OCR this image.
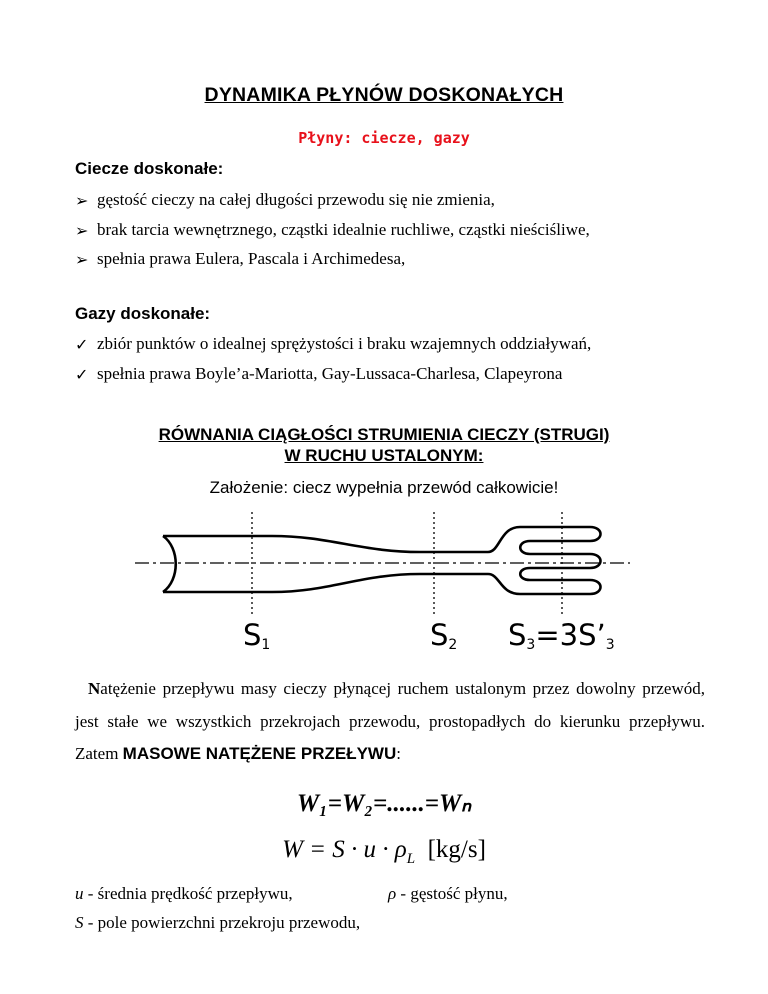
DYNAMIKA PŁYNÓW DOSKONAŁYCH
Płyny: ciecze, gazy
Ciecze doskonałe:
➢ gęstość cieczy na całej długości przewodu się nie zmienia,
➢ brak tarcia wewnętrznego, cząstki idealnie ruchliwe, cząstki nieściśliwe,
➢ spełnia prawa Eulera, Pascala i Archimedesa,
Gazy doskonałe:
✓ zbiór punktów o idealnej sprężystości i braku wzajemnych oddziaływań,
✓ spełnia prawa Boyle’a-Mariotta, Gay-Lussaca-Charlesa, Clapeyrona
RÓWNANIA CIĄGŁOŚCI STRUMIENIA CIECZY (STRUGI)
W RUCHU USTALONYM:
Założenie: ciecz wypełnia przewód całkowicie!
$S_1$	$S_2$ $S_3=3S’_3$
Natężenie przepływu masy cieczy płynącej ruchem ustalonym przez dowolny przewód, jest stałe we wszystkich przekrojach przewodu, prostopadłych do kierunku przepływu. Zatem MASOWE NATĘŻENE PRZEŁYWU:
W₁=W₂=......=Wₙ
$W = S \cdot u \cdot \rho_L$ [kg/s]
u - średnia prędkość przepływu,	ρ - gęstość płynu,
S - pole powierzchni przekroju przewodu,
